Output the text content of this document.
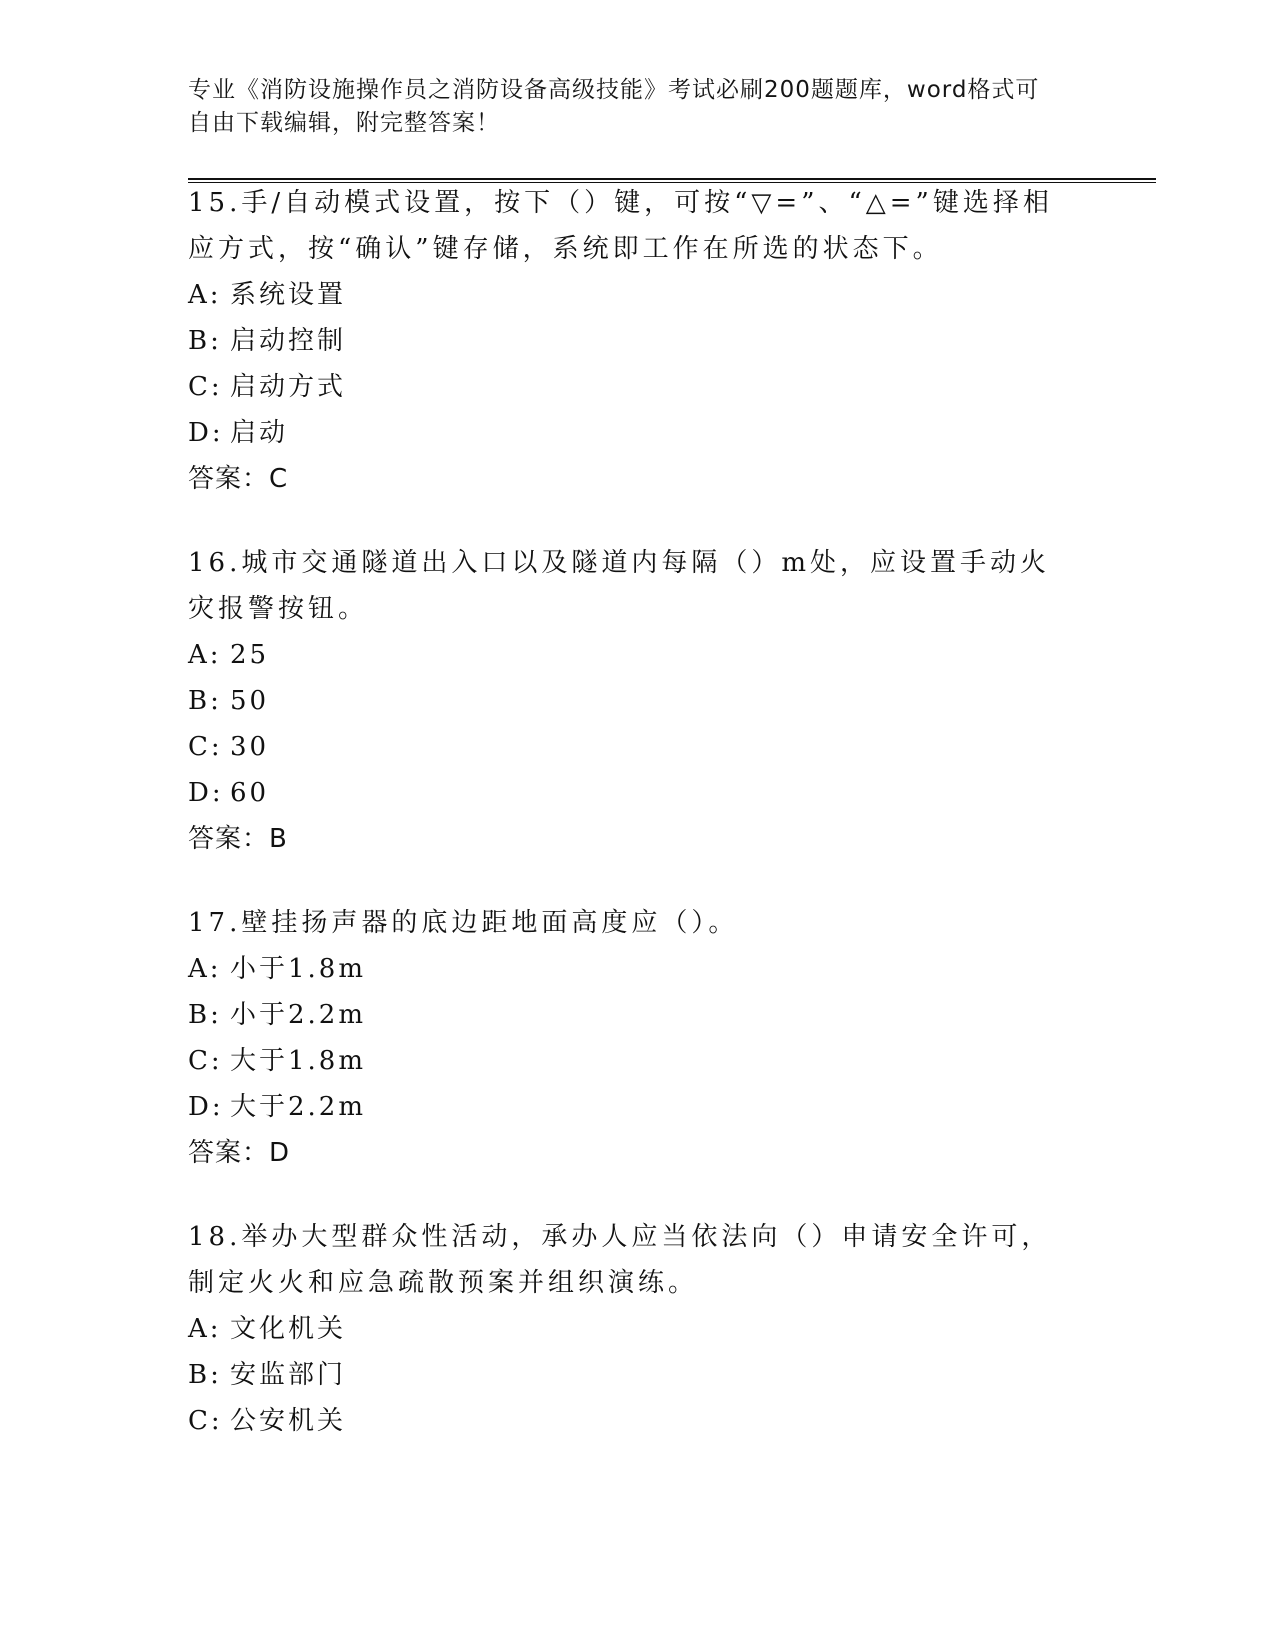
专业《消防设施操作员之消防设备高级技能》考试必刷200题题库，word格式可
自由下载编辑，附完整答案！

15.手/自动模式设置，按下（）键，可按“▽=”、“△=”键选择相应方式，按“确认”键存储，系统即工作在所选的状态下。

A: 系统设置
B: 启动控制
C: 启动方式
D: 启动
答案：C

16.城市交通隧道出入口以及隧道内每隔（）m处，应设置手动火灾报警按钮。

A: 25
B: 50
C: 30
D: 60
答案：B

17.壁挂扬声器的底边距地面高度应（）。

A: 小于1.8m
B: 小于2.2m
C: 大于1.8m
D: 大于2.2m
答案：D

18.举办大型群众性活动，承办人应当依法向（）申请安全许可，制定火火和应急疏散预案并组织演练。

A: 文化机关
B: 安监部门
C: 公安机关
